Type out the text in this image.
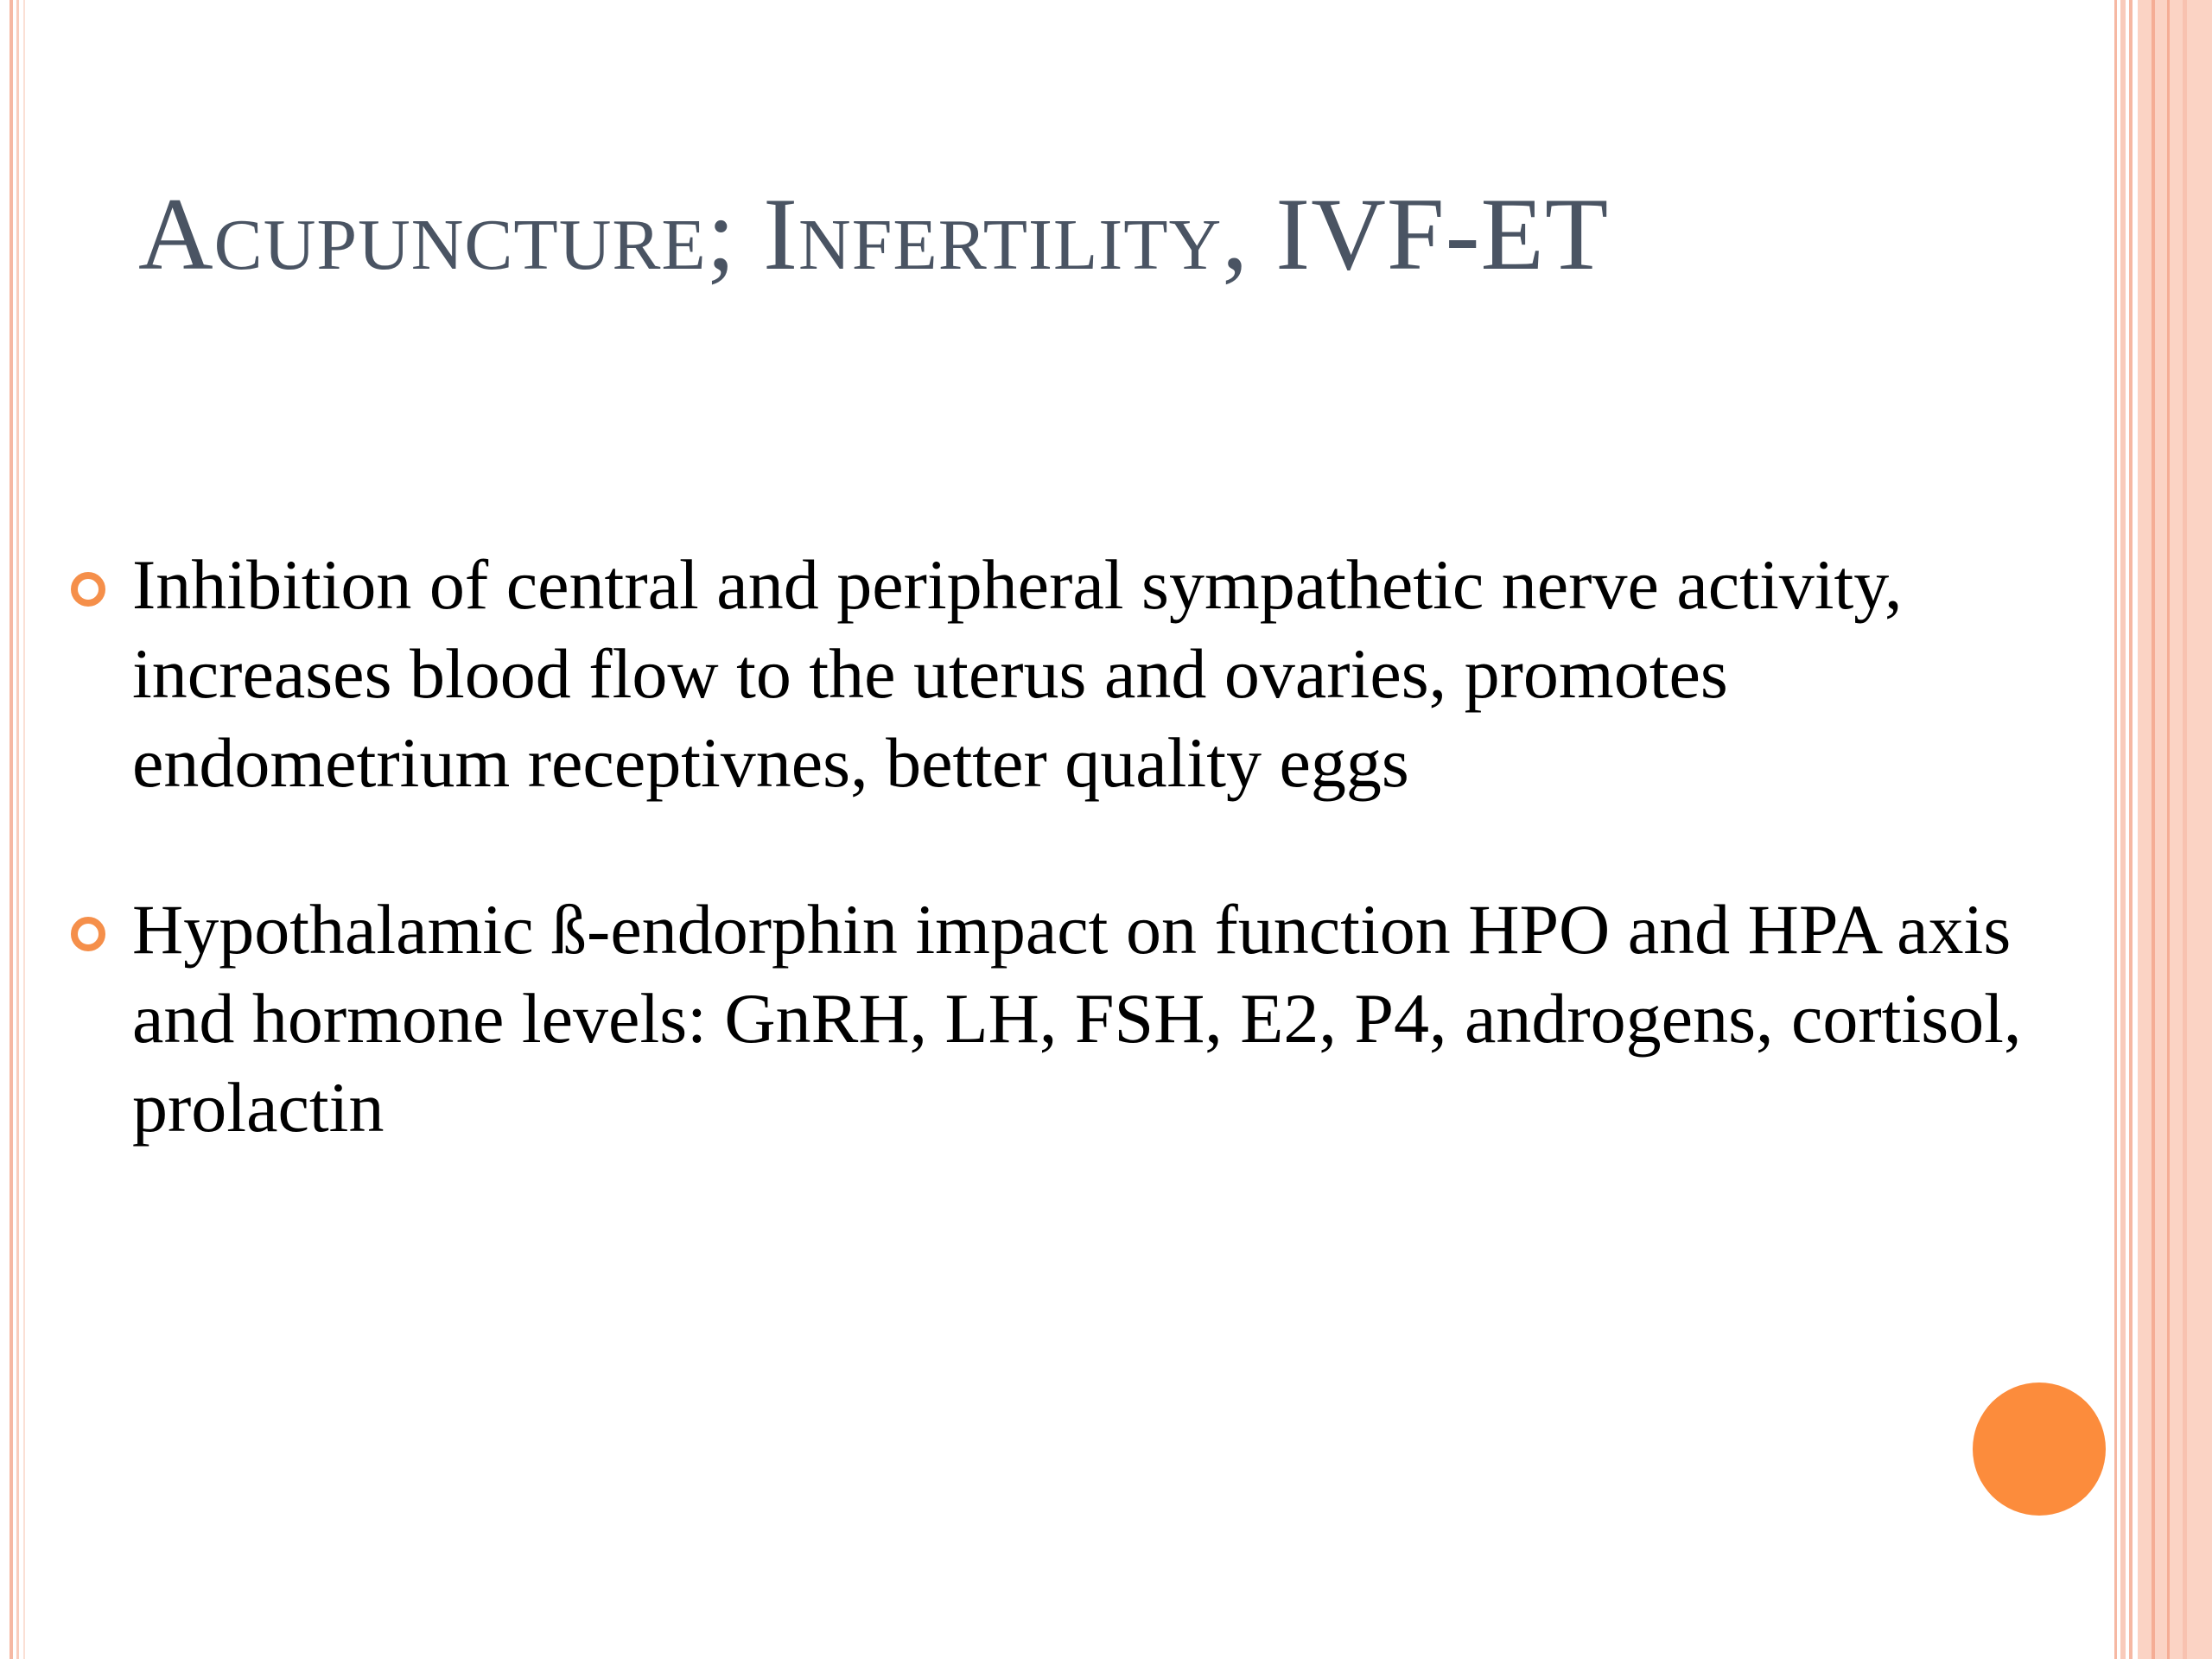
Acupuncture; Infertility, IVF-ET
Inhibition of central and peripheral sympathetic nerve activity, increases blood flow to the uterus and ovaries, promotes endometrium receptivnes, better quality eggs
Hypothalamic ß-endorphin impact on function HPO and HPA axis and hormone levels: GnRH, LH, FSH, E2, P4, androgens, cortisol, prolactin
